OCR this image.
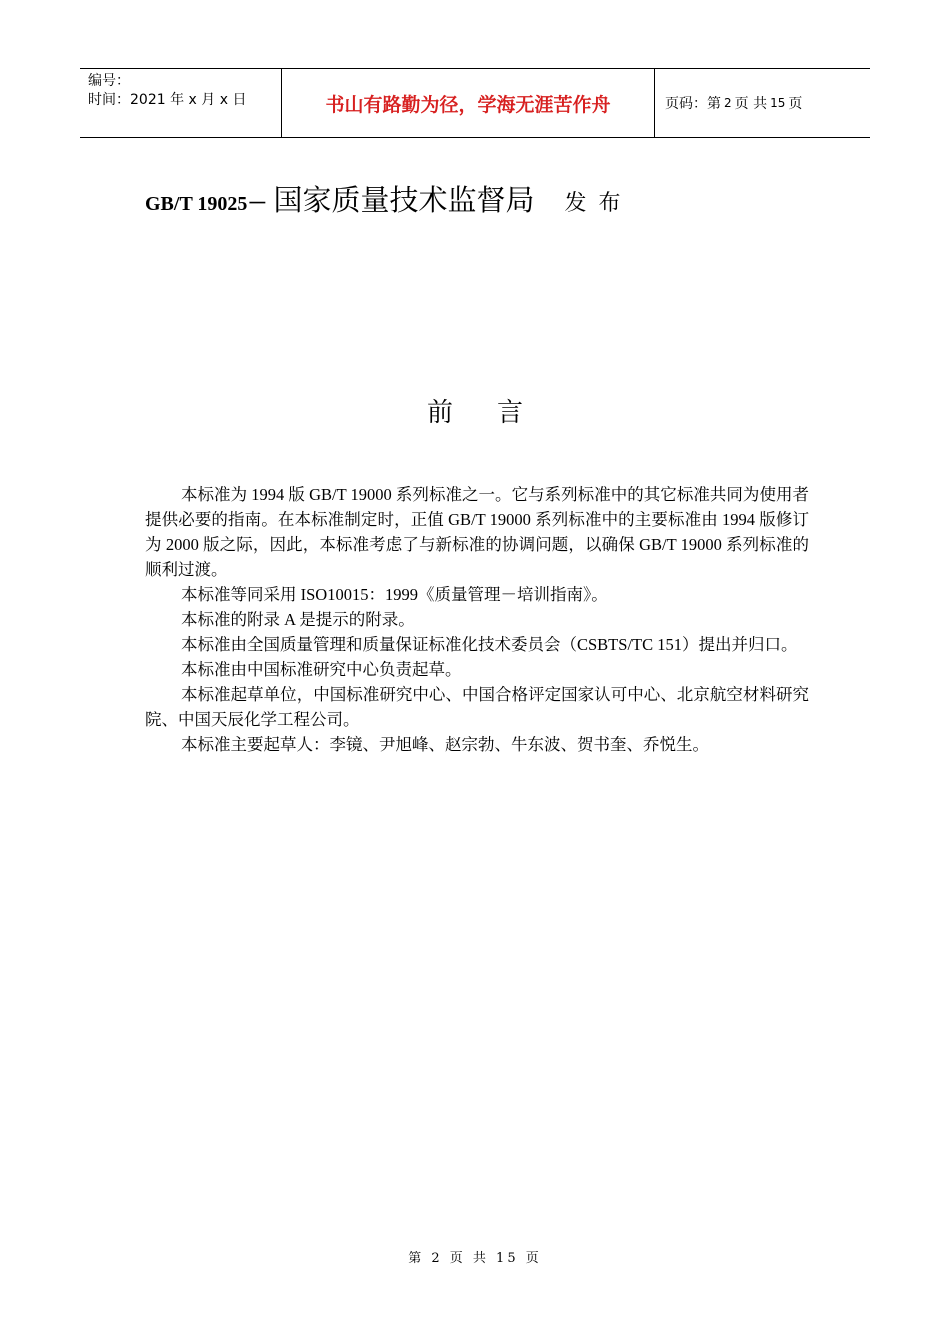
编号：
时间：2021 年 x 月 x 日	书山有路勤为径，学海无涯苦作舟	页码：第 2 页 共 15 页
GB/T 19025－ 国家质量技术监督局 发布
前 言

本标准为 1994 版 GB/T 19000 系列标准之一。它与系列标准中的其它标准共同为使用者提供必要的指南。在本标准制定时，正值 GB/T 19000 系列标准中的主要标准由 1994 版修订为 2000 版之际，因此，本标准考虑了与新标准的协调问题，以确保 GB/T 19000 系列标准的顺利过渡。

本标准等同采用 ISO10015：1999《质量管理－培训指南》。

本标准的附录 A 是提示的附录。

本标准由全国质量管理和质量保证标准化技术委员会（CSBTS/TC 151）提出并归口。

本标准由中国标准研究中心负责起草。

本标准起草单位，中国标准研究中心、中国合格评定国家认可中心、北京航空材料研究院、中国天辰化学工程公司。

本标准主要起草人：李镜、尹旭峰、赵宗勃、牛东波、贺书奎、乔悦生。

第 2 页 共 15 页
